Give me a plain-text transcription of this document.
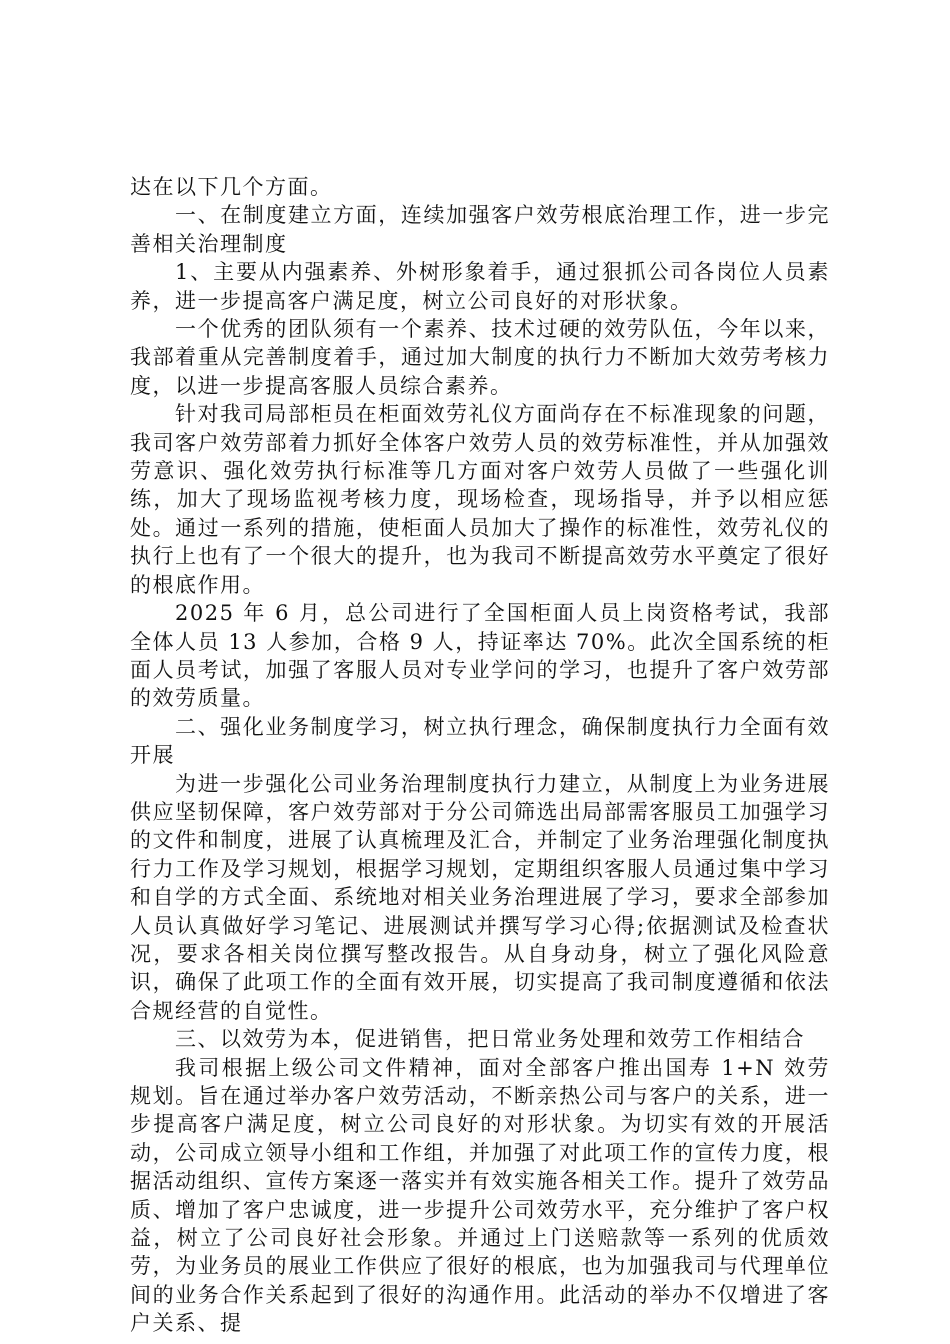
达在以下几个方面。

一、在制度建立方面，连续加强客户效劳根底治理工作，进一步完善相关治理制度

1、主要从内强素养、外树形象着手，通过狠抓公司各岗位人员素养，进一步提高客户满足度，树立公司良好的对形状象。

一个优秀的团队须有一个素养、技术过硬的效劳队伍，今年以来，我部着重从完善制度着手，通过加大制度的执行力不断加大效劳考核力度，以进一步提高客服人员综合素养。

针对我司局部柜员在柜面效劳礼仪方面尚存在不标准现象的问题，我司客户效劳部着力抓好全体客户效劳人员的效劳标准性，并从加强效劳意识、强化效劳执行标准等几方面对客户效劳人员做了一些强化训练，加大了现场监视考核力度，现场检查，现场指导，并予以相应惩处。通过一系列的措施，使柜面人员加大了操作的标准性，效劳礼仪的执行上也有了一个很大的提升，也为我司不断提高效劳水平奠定了很好的根底作用。

2025 年 6 月，总公司进行了全国柜面人员上岗资格考试，我部全体人员 13 人参加，合格 9 人，持证率达 70%。此次全国系统的柜面人员考试，加强了客服人员对专业学问的学习，也提升了客户效劳部的效劳质量。

二、强化业务制度学习，树立执行理念，确保制度执行力全面有效开展

为进一步强化公司业务治理制度执行力建立，从制度上为业务进展供应坚韧保障，客户效劳部对于分公司筛选出局部需客服员工加强学习的文件和制度，进展了认真梳理及汇合，并制定了业务治理强化制度执行力工作及学习规划，根据学习规划，定期组织客服人员通过集中学习和自学的方式全面、系统地对相关业务治理进展了学习，要求全部参加人员认真做好学习笔记、进展测试并撰写学习心得;依据测试及检查状况，要求各相关岗位撰写整改报告。从自身动身，树立了强化风险意识，确保了此项工作的全面有效开展，切实提高了我司制度遵循和依法合规经营的自觉性。

三、以效劳为本，促进销售，把日常业务处理和效劳工作相结合

我司根据上级公司文件精神，面对全部客户推出国寿 1+N 效劳规划。旨在通过举办客户效劳活动，不断亲热公司与客户的关系，进一步提高客户满足度，树立公司良好的对形状象。为切实有效的开展活动，公司成立领导小组和工作组，并加强了对此项工作的宣传力度，根据活动组织、宣传方案逐一落实并有效实施各相关工作。提升了效劳品质、增加了客户忠诚度，进一步提升公司效劳水平，充分维护了客户权益，树立了公司良好社会形象。并通过上门送赔款等一系列的优质效劳，为业务员的展业工作供应了很好的根底，也为加强我司与代理单位间的业务合作关系起到了很好的沟通作用。此活动的举办不仅增进了客户关系、提
